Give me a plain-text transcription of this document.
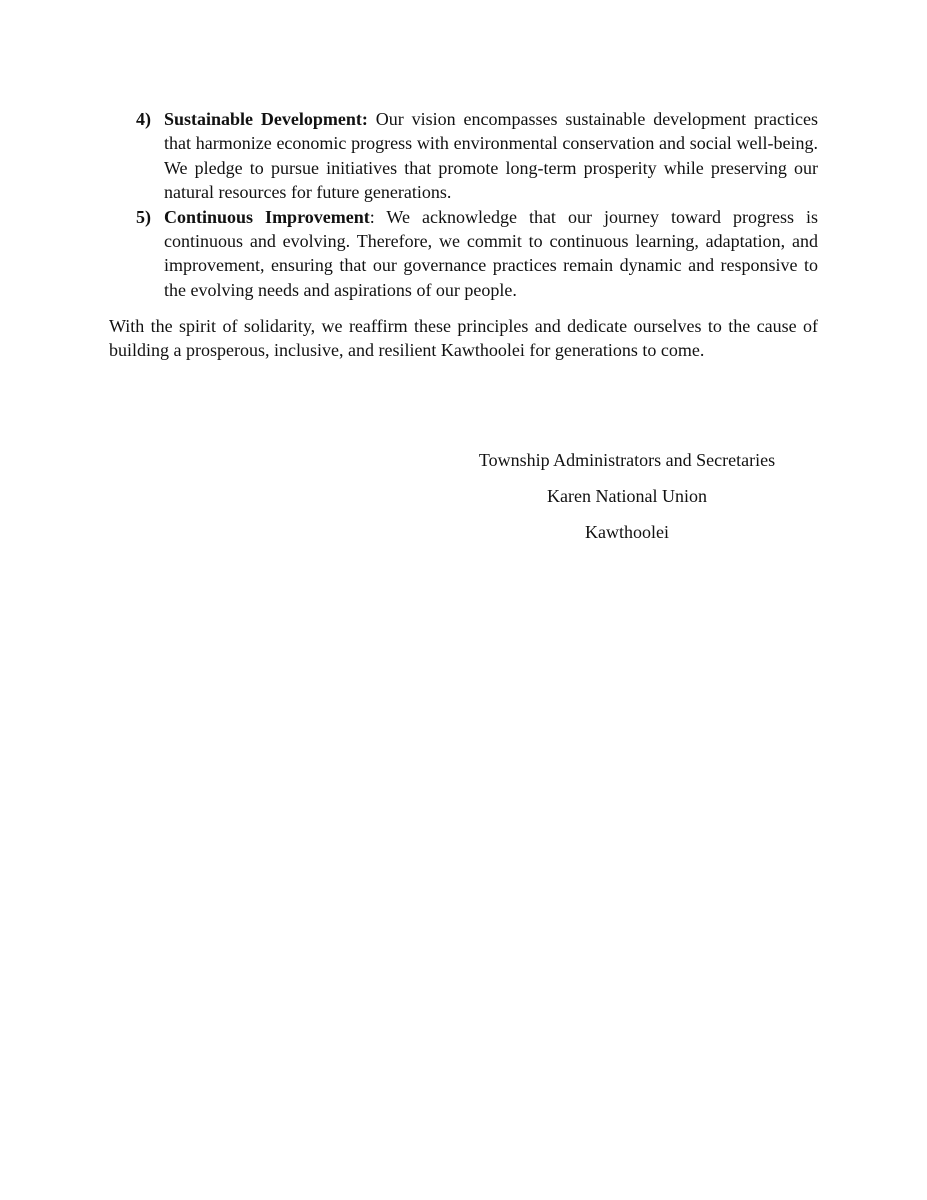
4) Sustainable Development: Our vision encompasses sustainable development practices that harmonize economic progress with environmental conservation and social well-being. We pledge to pursue initiatives that promote long-term prosperity while preserving our natural resources for future generations.
5) Continuous Improvement: We acknowledge that our journey toward progress is continuous and evolving. Therefore, we commit to continuous learning, adaptation, and improvement, ensuring that our governance practices remain dynamic and responsive to the evolving needs and aspirations of our people.

With the spirit of solidarity, we reaffirm these principles and dedicate ourselves to the cause of building a prosperous, inclusive, and resilient Kawthoolei for generations to come.

Township Administrators and Secretaries
Karen National Union
Kawthoolei
